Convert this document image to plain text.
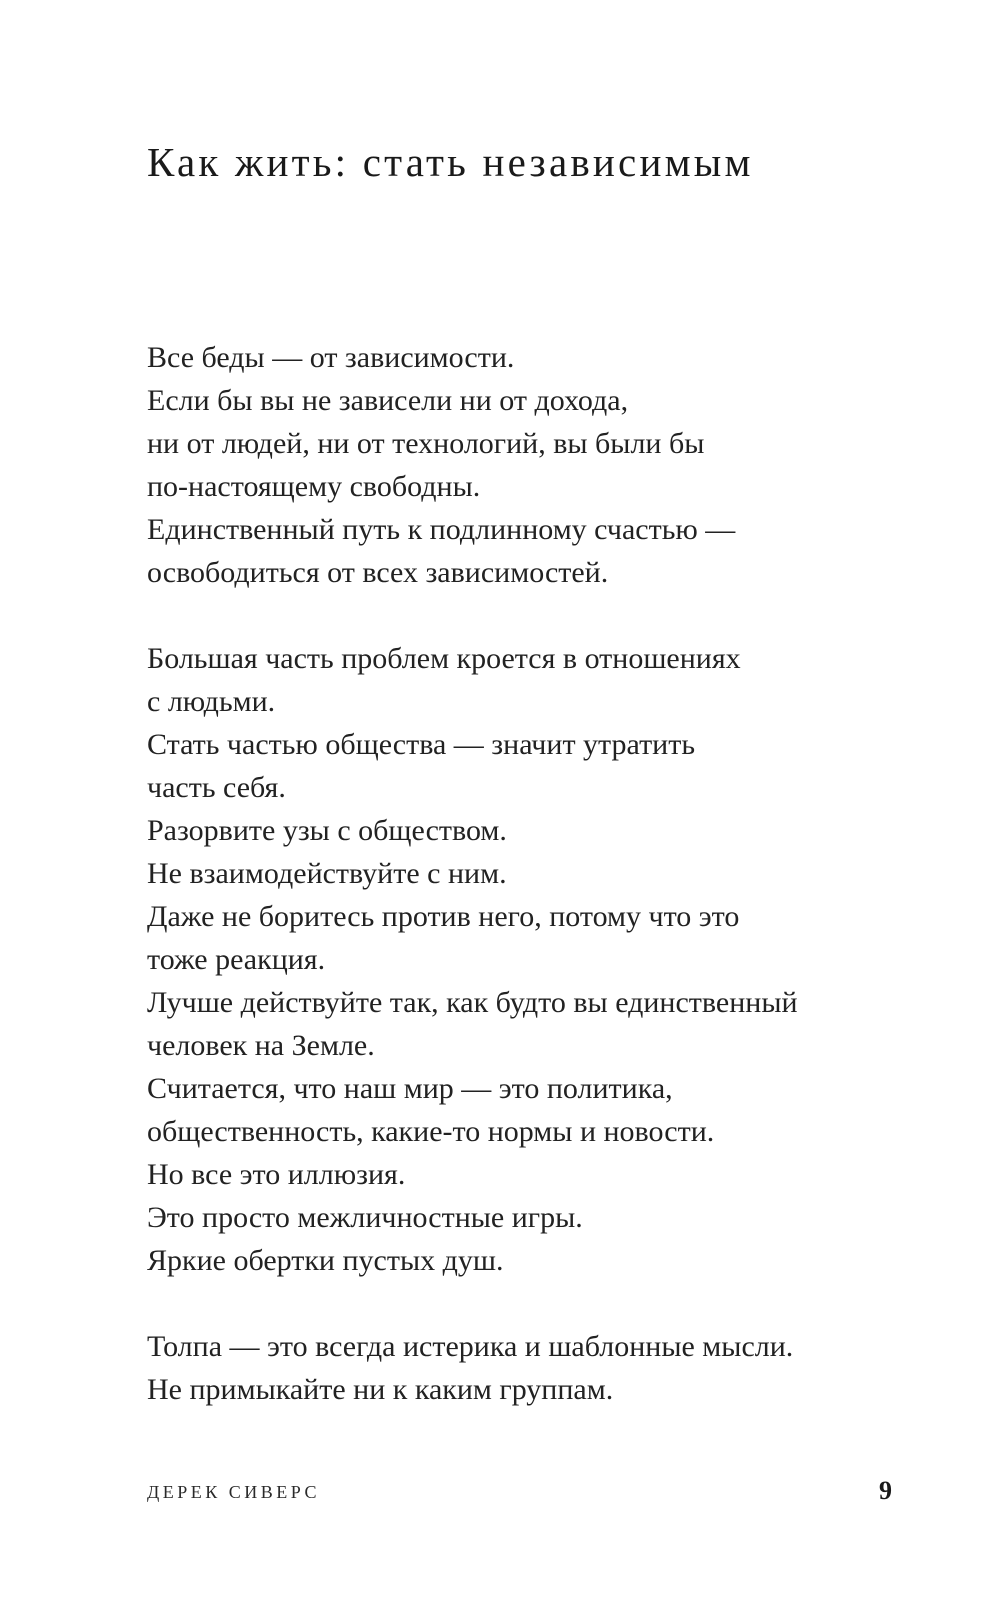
Как жить: стать независимым

Все беды — от зависимости.
Если бы вы не зависели ни от дохода,
ни от людей, ни от технологий, вы были бы
по-настоящему свободны.
Единственный путь к подлинному счастью —
освободиться от всех зависимостей.

Большая часть проблем кроется в отношениях
с людьми.
Стать частью общества — значит утратить
часть себя.
Разорвите узы с обществом.
Не взаимодействуйте с ним.
Даже не боритесь против него, потому что это
тоже реакция.
Лучше действуйте так, как будто вы единственный
человек на Земле.
Считается, что наш мир — это политика,
общественность, какие-то нормы и новости.
Но все это иллюзия.
Это просто межличностные игры.
Яркие обертки пустых душ.

Толпа — это всегда истерика и шаблонные мысли.
Не примыкайте ни к каким группам.

ДЕРЕК СИВЕРС	9
